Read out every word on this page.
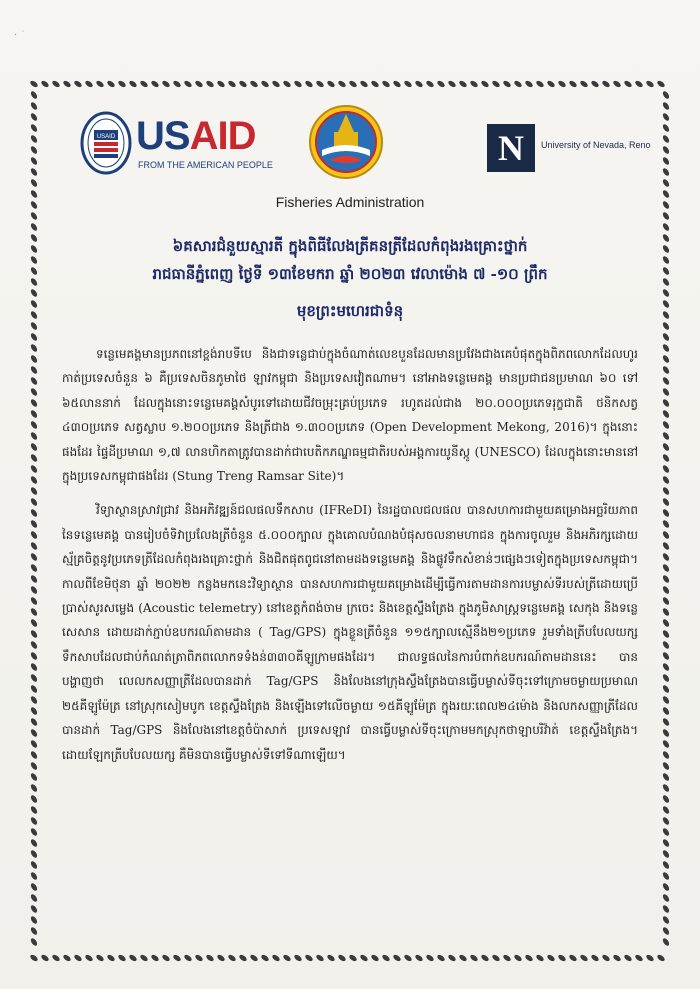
· ˙
USAID USAID
FROM THE AMERICAN PEOPLE	N	University of Nevada, Reno
Fisheries Administration
៦គសារជំនួយស្មារតី ក្នុងពិធីលែងត្រីគនត្រីដែលកំពុងរងគ្រោះថ្នាក់
រាជធានីភ្នំពេញ ថ្ងៃទី ១៣ខែមករា ឆ្នាំ ២០២៣ វេលាម៉ោង ៧ -១០ ព្រឹក
មុខព្រះមហេរជាទំនុ

ទន្លេមេគង្គមានប្រភពនៅខ្ពង់រាបទីបេ និងជាទន្លេជាប់ក្នុងចំណាត់លេខបួនដែលមានប្រវែងជាងគេបំផុតក្នុងពិភពលោកដែលហូរកាត់ប្រទេសចំនួន ៦ គឺប្រទេសចិនភូមាថៃ ឡាវកម្ពុជា និងប្រទេសវៀតណាម។ នៅអាងទន្លេមេគង្គ មានប្រជាជនប្រមាណ ៦០ ទៅ ៦៥លាននាក់ ដែលក្នុងនោះទន្លេមេគង្គសំបូរទៅដោយជីវចម្រុះគ្រប់ប្រភេទ រហូតដល់ជាង ២០.០០០ប្រភេទរុក្ខជាតិ ថនិកសត្វ ៤៣០ប្រភេទ សត្វស្លាប ១.២០០ប្រភេទ និងត្រីជាង ១.៣០០ប្រភេទ (Open Development Mekong, 2016)។ ក្នុងនោះផងដែរ ផ្ទៃដីប្រមាណ ១,៧ លានហិកតាត្រូវបានដាក់ជាបេតិកភណ្ឌធម្មជាតិរបស់អង្គការយូនីស្កូ (UNESCO) ដែលក្នុងនោះមាននៅក្នុងប្រទេសកម្ពុជាផងដែរ (Stung Treng Ramsar Site)។

វិទ្យាស្ថានស្រាវជ្រាវ និងអភិវឌ្ឍន៍ជលផលទឹកសាប (IFReDI) នៃរដ្ឋបាលជលផល បានសហការជាមួយគម្រោងអច្ឆរិយភាពនៃទន្លេមេគង្គ បានរៀបចំទិវាប្រលែងត្រីចំនួន ៥.០០០ក្បាល ក្នុងគោលបំណងបំផុសចលនាមហាជន ក្នុងការចូលរួម និងអភិរក្សដោយស្ម័គ្រចិត្តនូវប្រភេទត្រីដែលកំពុងរងគ្រោះថ្នាក់ និងជិតផុតពូជនៅតាមដងទន្លេមេគង្គ និងផ្លូវទឹកសំខាន់ៗផ្សេងៗទៀតក្នុងប្រទេសកម្ពុជា។ កាលពីខែមិថុនា ឆ្នាំ ២០២២ កន្លងមកនេះវិទ្យាស្ថាន បានសហការជាមួយគម្រោងដើម្បីធ្វើការតាមដានការបម្លាស់ទីរបស់ត្រីដោយប្រើប្រាស់សូរសម្លេង (Acoustic telemetry) នៅខេត្តកំពង់ចាម ក្រចេះ និងខេត្តស្ទឹងត្រែង ក្នុងភូមិសាស្ត្រទន្លេមេគង្គ សេកុង និងទន្លេសេសាន ដោយដាក់ភ្ជាប់ឧបករណ៍តាមដាន ( Tag/GPS) ក្នុងខ្លួនត្រីចំនួន ១១៥ក្បាលស្មើនឹង២១ប្រភេទ រួមទាំងត្រីបបែលយក្ស ទឹកសាបដែលជាប់កំណត់ត្រាពិភពលោកទទំងន់៣៣០គីឡូក្រាមផងដែរ។ ជាលទ្ធផលនៃការបំពាក់ឧបករណ៍តាមដាននេះ បានបង្ហាញថា លេលកសញ្ញាត្រីដែលបានដាក់ Tag/GPS និងលែងនៅក្រុងស្ទឹងត្រែងបានធ្វើបម្លាស់ទីចុះទៅក្រោមចម្ងាយប្រមាណ ២៥គីឡូម៉ែត្រ នៅស្រុកសៀមបូក ខេត្តស្ទឹងត្រែង និងឡើងទៅលើចម្ងាយ ១៥គីឡូម៉ែត្រ ក្នុងរយៈពេល២៤ម៉ោង និងលកសញ្ញាត្រីដែលបានដាក់ Tag/GPS និងលែងនៅខេត្តចំប៉ាសាក់ ប្រទេសឡាវ បានធ្វើបម្លាស់ទីចុះក្រោមមកស្រុកថាឡាបរិវ៉ាត់ ខេត្តស្ទឹងត្រែង។ ដោយឡែកត្រីបបែលយក្ស គឺមិនបានធ្វើបម្លាស់ទីទៅទីណាឡើយ។
